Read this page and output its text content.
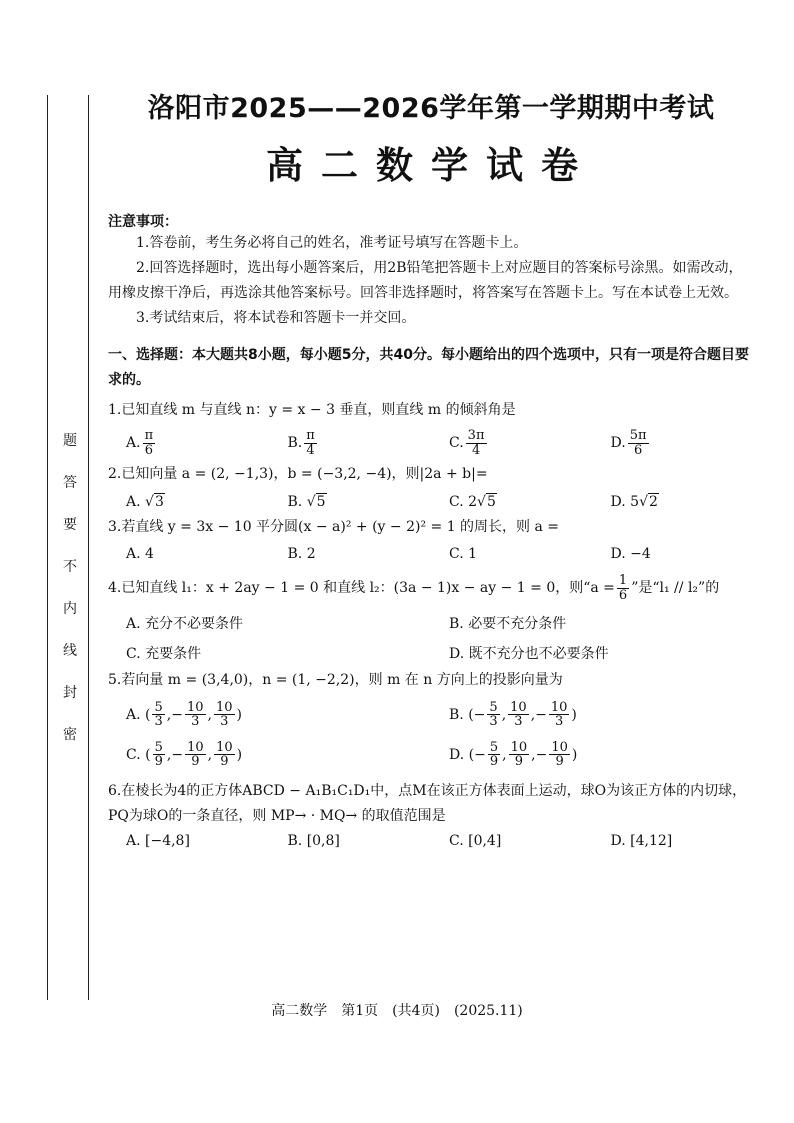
题
答
要
不
内
线
封
密
洛阳市2025——2026学年第一学期期中考试
高二数学试卷
注意事项：

1.答卷前，考生务必将自己的姓名，准考证号填写在答题卡上。

2.回答选择题时，选出每小题答案后，用2B铅笔把答题卡上对应题目的答案标号涂黑。如需改动，用橡皮擦干净后，再选涂其他答案标号。回答非选择题时，将答案写在答题卡上。写在本试卷上无效。

3.考试结束后，将本试卷和答题卡一并交回。

一、选择题：本大题共8小题，每小题5分，共40分。每小题给出的四个选项中，只有一项是符合题目要求的。
1.已知直线 m 与直线 n：y = x − 3 垂直，则直线 m 的倾斜角是
A. $\frac{\pi}{6}$	B. $\frac{\pi}{4}$	C. $\frac{3\pi}{4}$	D. $\frac{5\pi}{6}$
2.已知向量 a = (2, −1,3)，b = (−3,2, −4)，则|2a + b|=
A.
√ 3	B.
√ 5	C.
2 √ 5	D.
5 √ 2
3.若直线 y = 3x − 10 平分圆(x − a)² + (y − 2)² = 1 的周长，则 a =
A. 4	B. 2	C. 1	D. −4
4.已知直线 l₁：x + 2ay − 1 = 0 和直线 l₂：(3a − 1)x − ay − 1 = 0，则“$a = \frac{1}{6}$ ”是“l₁ // l₂”的
A. 充分不必要条件	B. 必要不充分条件
C. 充要条件	D. 既不充分也不必要条件
5.若向量 m = (3,4,0)，n = (1, −2,2)，则 m 在 n 方向上的投影向量为
A. ( $\frac{5}{3}$ , − $\frac{10}{3}$ , $\frac{10}{3}$ )	B. ( − $\frac{5}{3}$ , $\frac{10}{3}$ , − $\frac{10}{3}$ )
C. ( $\frac{5}{9}$ , − $\frac{10}{9}$ , $\frac{10}{9}$ )	D. ( − $\frac{5}{9}$ , $\frac{10}{9}$ , − $\frac{10}{9}$ )
6.在棱长为4的正方体ABCD − A₁B₁C₁D₁中，点M在该正方体表面上运动，球O为该正方体的内切球，PQ为球O的一条直径，则 MP→ · MQ→ 的取值范围是
A. [−4,8]	B. [0,8]	C. [0,4]	D. [4,12]
高二数学　第1页　(共4页)　(2025.11)
